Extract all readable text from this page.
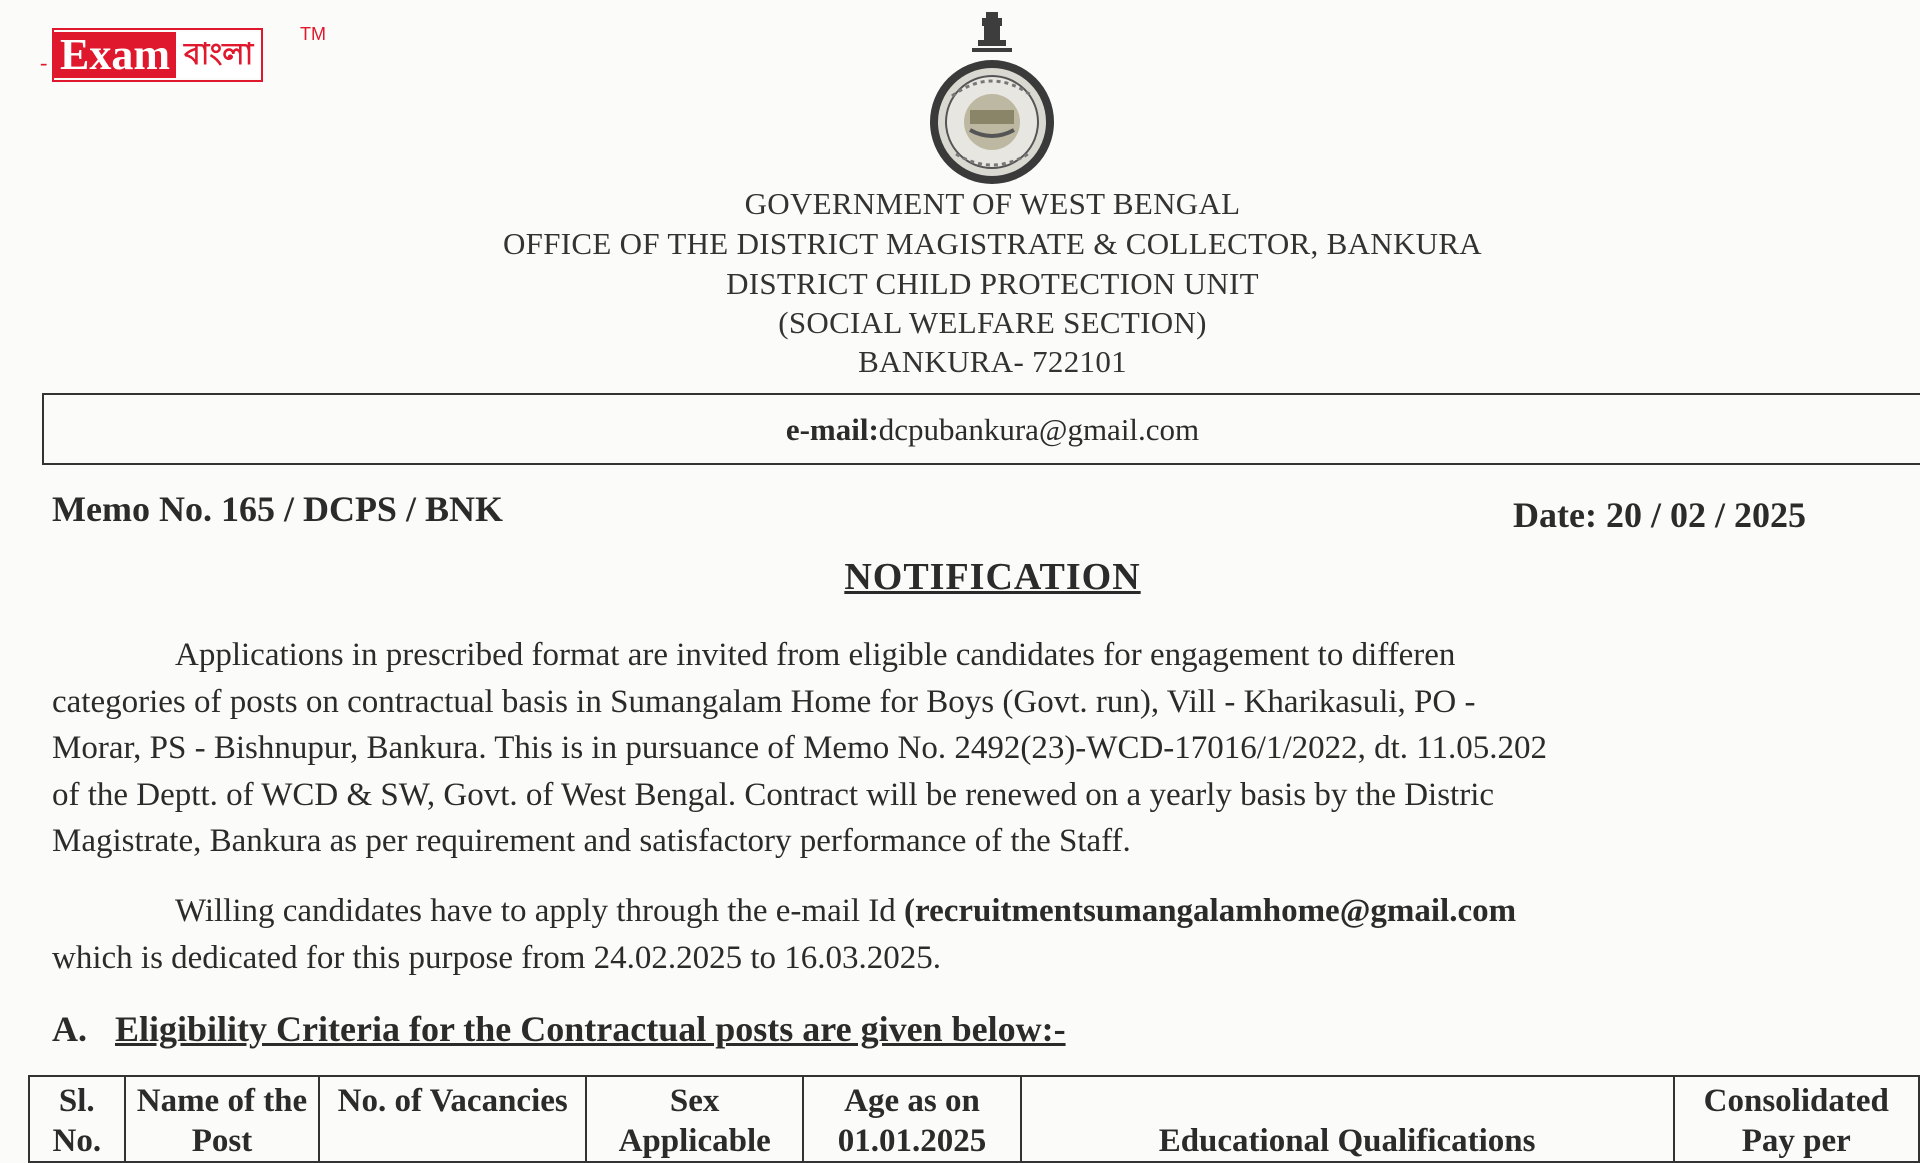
- Exam বাংলা
TM
GOVERNMENT OF WEST BENGAL
OFFICE OF THE DISTRICT MAGISTRATE & COLLECTOR, BANKURA
DISTRICT CHILD PROTECTION UNIT
(SOCIAL WELFARE SECTION)
BANKURA- 722101
e-mail:dcpubankura@gmail.com
Memo No. 165 / DCPS / BNK	Date: 20 / 02 / 2025
NOTIFICATION

Applications in prescribed format are invited from eligible candidates for engagement to differen

categories of posts on contractual basis in Sumangalam Home for Boys (Govt. run), Vill - Kharikasuli, PO -

Morar, PS - Bishnupur, Bankura. This is in pursuance of Memo No. 2492(23)-WCD-17016/1/2022, dt. 11.05.202

of the Deptt. of WCD & SW, Govt. of West Bengal. Contract will be renewed on a yearly basis by the Distric

Magistrate, Bankura as per requirement and satisfactory performance of the Staff.

Willing candidates have to apply through the e-mail Id (recruitmentsumangalamhome@gmail.com

which is dedicated for this purpose from 24.02.2025 to 16.03.2025.

A. Eligibility Criteria for the Contractual posts are given below:-
Sl. No.	Name of the Post	No. of Vacancies	Sex Applicable	Age as on 01.01.2025	Educational Qualifications	Consolidated Pay per
